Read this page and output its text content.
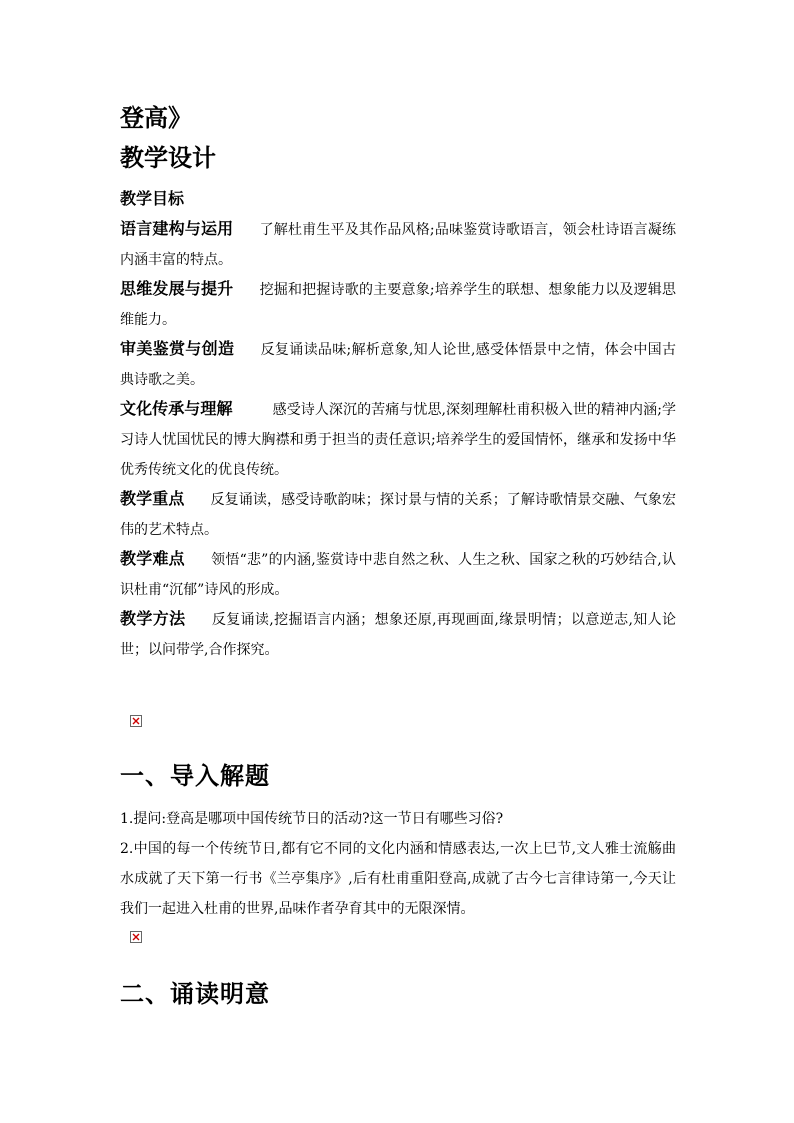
登高》
教学设计
教学目标
语言建构与运用 了解杜甫生平及其作品风格;品味鉴赏诗歌语言，领会杜诗语言凝练内涵丰富的特点。
思维发展与提升 挖掘和把握诗歌的主要意象;培养学生的联想、想象能力以及逻辑思维能力。
审美鉴赏与创造 反复诵读品味;解析意象,知人论世,感受体悟景中之情，体会中国古典诗歌之美。
文化传承与理解	感受诗人深沉的苦痛与忧思,深刻理解杜甫积极入世的精神内涵;学习诗人忧国忧民的博大胸襟和勇于担当的责任意识;培养学生的爱国情怀，继承和发扬中华优秀传统文化的优良传统。
教学重点 反复诵读，感受诗歌韵味；探讨景与情的关系；了解诗歌情景交融、气象宏伟的艺术特点。
教学难点 领悟“悲”的内涵,鉴赏诗中悲自然之秋、人生之秋、国家之秋的巧妙结合,认识杜甫“沉郁”诗风的形成。
教学方法 反复诵读,挖掘语言内涵；想象还原,再现画面,缘景明情；以意逆志,知人论世；以问带学,合作探究。
一、导入解题
1.提问:登高是哪项中国传统节日的活动?这一节日有哪些习俗?
2.中国的每一个传统节日,都有它不同的文化内涵和情感表达,一次上巳节,文人雅士流觞曲水成就了天下第一行书《兰亭集序》,后有杜甫重阳登高,成就了古今七言律诗第一,今天让我们一起进入杜甫的世界,品味作者孕育其中的无限深情。
二、诵读明意
